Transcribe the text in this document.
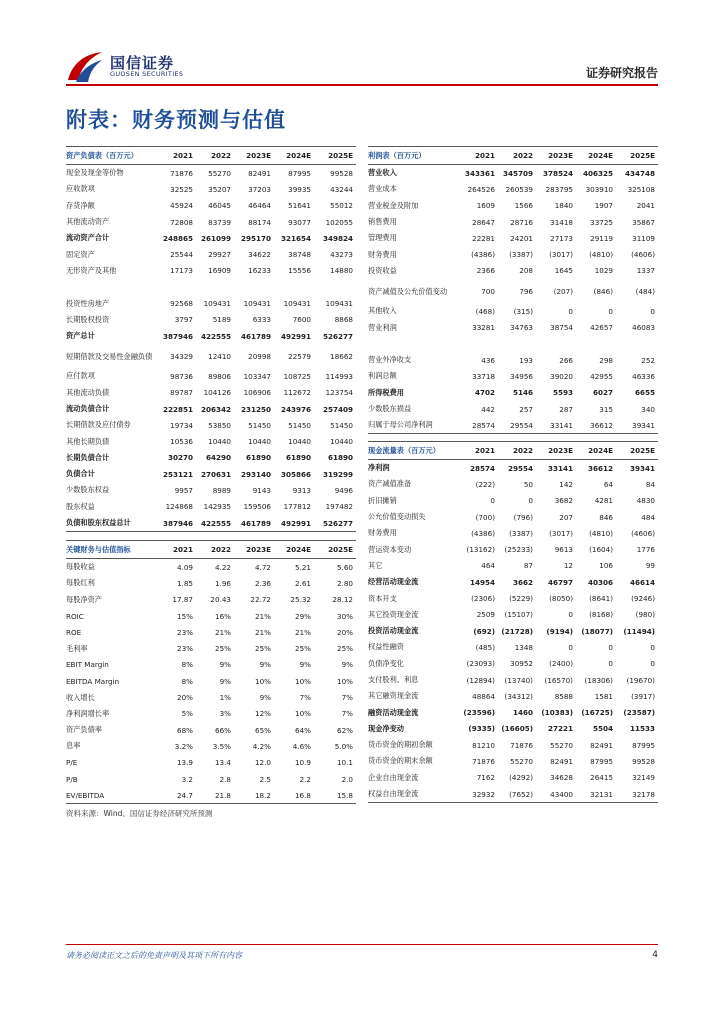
国信证券
GUOSEN SECURITIES	证券研究报告
附表：财务预测与估值
资产负债表（百万元）	2021	2022	2023E	2024E	2025E
现金及现金等价物	71876	55270	82491	87995	99528
应收款项	32525	35207	37203	39935	43244
存货净额	45924	46045	46464	51641	55012
其他流动资产	72808	83739	88174	93077	102055
流动资产合计	248865	261099	295170	321654	349824
固定资产	25544	29927	34622	38748	43273
无形资产及其他	17173	16909	16233	15556	14880

投资性房地产	92568	109431	109431	109431	109431
长期股权投资	3797	5189	6333	7600	8868
资产总计	387946	422555	461789	492991	526277
短期借款及交易性金融负债	34329	12410	20998	22579	18662
应付款项	98736	89806	103347	108725	114993
其他流动负债	89787	104126	106906	112672	123754
流动负债合计	222851	206342	231250	243976	257409
长期借款及应付债券	19734	53850	51450	51450	51450
其他长期负债	10536	10440	10440	10440	10440
长期负债合计	30270	64290	61890	61890	61890
负债合计	253121	270631	293140	305866	319299
少数股东权益	9957	8989	9143	9313	9496
股东权益	124868	142935	159506	177812	197482
负债和股东权益总计	387946	422555	461789	492991	526277
关键财务与估值指标	2021	2022	2023E	2024E	2025E
每股收益	4.09	4.22	4.72	5.21	5.60
每股红利	1.85	1.96	2.36	2.61	2.80
每股净资产	17.87	20.43	22.72	25.32	28.12
ROIC	15%	16%	21%	29%	30%
ROE	23%	21%	21%	21%	20%
毛利率	23%	25%	25%	25%	25%
EBIT Margin	8%	9%	9%	9%	9%
EBITDA Margin	8%	9%	10%	10%	10%
收入增长	20%	1%	9%	7%	7%
净利润增长率	5%	3%	12%	10%	7%
资产负债率	68%	66%	65%	64%	62%
息率	3.2%	3.5%	4.2%	4.6%	5.0%
P/E	13.9	13.4	12.0	10.9	10.1
P/B	3.2	2.8	2.5	2.2	2.0
EV/EBITDA	24.7	21.8	18.2	16.8	15.8
利润表（百万元）	2021	2022	2023E	2024E	2025E
营业收入	343361	345709	378524	406325	434748
营业成本	264526	260539	283795	303910	325108
营业税金及附加	1609	1566	1840	1907	2041
销售费用	28647	28716	31418	33725	35867
管理费用	22281	24201	27173	29119	31109
财务费用	(4386)	(3387)	(3017)	(4810)	(4606)
投资收益	2366	208	1645	1029	1337
资产减值及公允价值变动	700	796	(207)	(846)	(484)
其他收入	(468)	(315)	0	0	0
营业利润	33281	34763	38754	42657	46083

营业外净收支	436	193	266	298	252
利润总额	33718	34956	39020	42955	46336
所得税费用	4702	5146	5593	6027	6655
少数股东损益	442	257	287	315	340
归属于母公司净利润	28574	29554	33141	36612	39341
现金流量表（百万元）	2021	2022	2023E	2024E	2025E
净利润	28574	29554	33141	36612	39341
资产减值准备	(222)	50	142	64	84
折旧摊销	0	0	3682	4281	4830
公允价值变动损失	(700)	(796)	207	846	484
财务费用	(4386)	(3387)	(3017)	(4810)	(4606)
营运资本变动	(13162)	(25233)	9613	(1604)	1776
其它	464	87	12	106	99
经营活动现金流	14954	3662	46797	40306	46614
资本开支	(2306)	(5229)	(8050)	(8641)	(9246)
其它投资现金流	2509	(15107)	0	(8168)	(980)
投资活动现金流	(692)	(21728)	(9194)	(18077)	(11494)
权益性融资	(485)	1348	0	0	0
负债净变化	(23093)	30952	(2400)	0	0
支付股利、利息	(12894)	(13740)	(16570)	(18306)	(19670)
其它融资现金流	48864	(34312)	8588	1581	(3917)
融资活动现金流	(23596)	1460	(10383)	(16725)	(23587)
现金净变动	(9335)	(16605)	27221	5504	11533
货币资金的期初余额	81210	71876	55270	82491	87995
货币资金的期末余额	71876	55270	82491	87995	99528
企业自由现金流	7162	(4292)	34628	26415	32149
权益自由现金流	32932	(7652)	43400	32131	32178
资料来源：Wind、国信证券经济研究所预测
请务必阅读正文之后的免责声明及其项下所有内容	4
